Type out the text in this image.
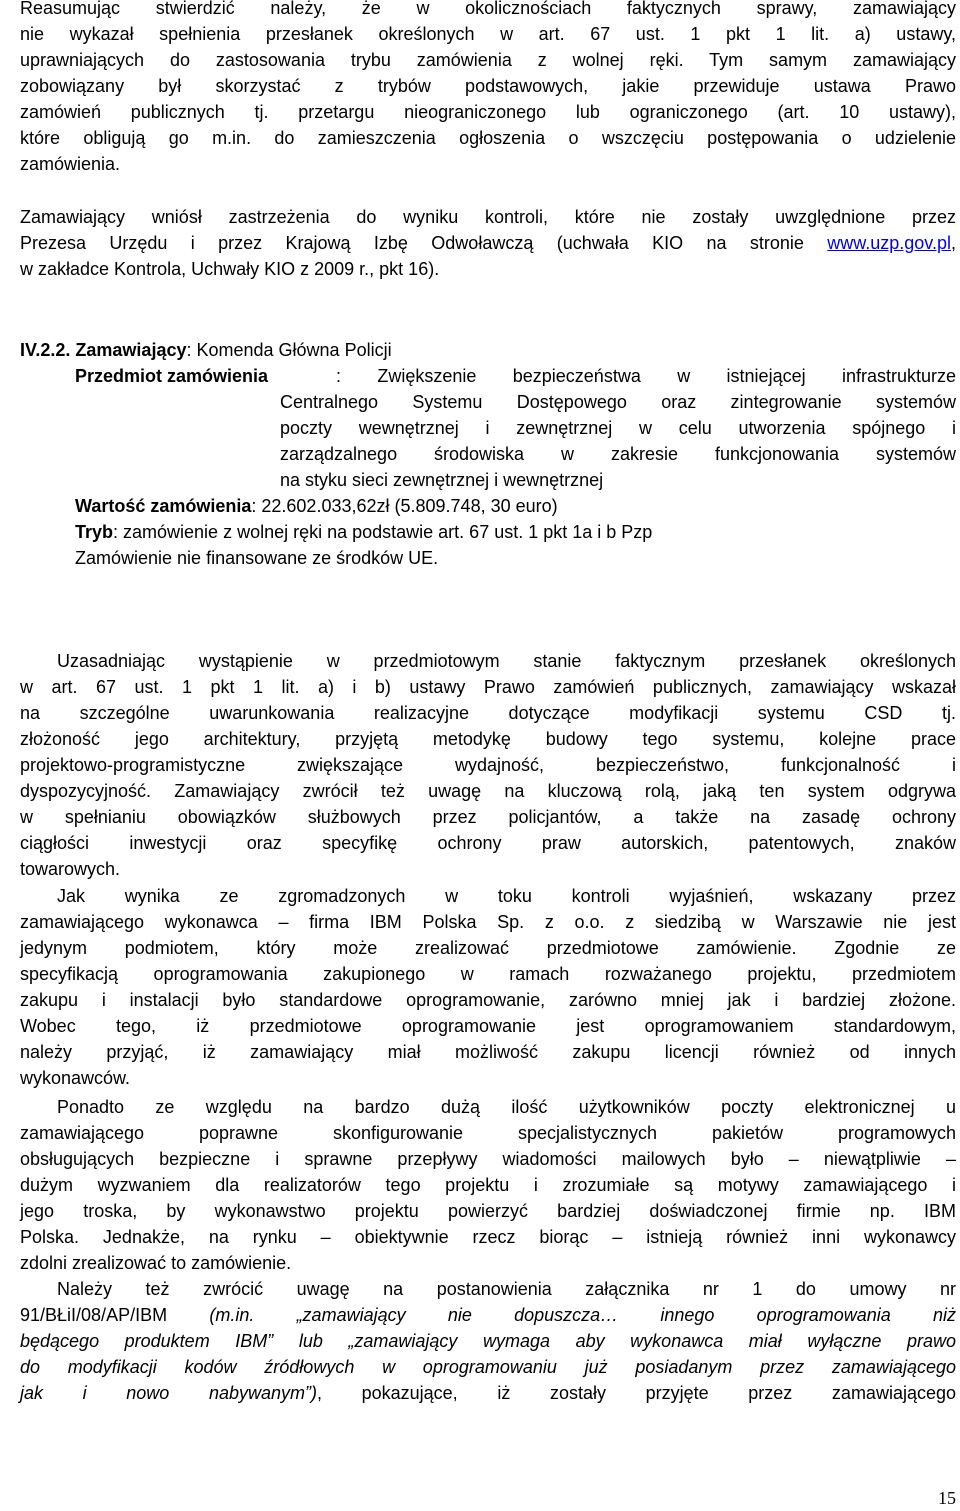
Reasumując stwierdzić należy, że w okolicznościach faktycznych sprawy, zamawiający
nie wykazał spełnienia przesłanek określonych w art. 67 ust. 1 pkt 1 lit. a) ustawy,
uprawniających do zastosowania trybu zamówienia z wolnej ręki. Tym samym zamawiający
zobowiązany był skorzystać z trybów podstawowych, jakie przewiduje ustawa Prawo
zamówień publicznych tj. przetargu nieograniczonego lub ograniczonego (art. 10 ustawy),
które obligują go m.in. do zamieszczenia ogłoszenia o wszczęciu postępowania o udzielenie
zamówienia.

Zamawiający wniósł zastrzeżenia do wyniku kontroli, które nie zostały uwzględnione przez
Prezesa Urzędu i przez Krajową Izbę Odwoławczą (uchwała KIO na stronie www.uzp.gov.pl,
w zakładce Kontrola, Uchwały KIO z 2009 r., pkt 16).

IV.2.2. Zamawiający: Komenda Główna Policji
Przedmiot zamówienia	: Zwiększenie bezpieczeństwa w istniejącej infrastrukturze
Centralnego Systemu Dostępowego oraz zintegrowanie systemów
poczty wewnętrznej i zewnętrznej w celu utworzenia spójnego i
zarządzalnego środowiska w zakresie funkcjonowania systemów
na styku sieci zewnętrznej i wewnętrznej
Wartość zamówienia: 22.602.033,62zł (5.809.748, 30 euro)
Tryb: zamówienie z wolnej ręki na podstawie art. 67 ust. 1 pkt 1a i b Pzp
Zamówienie nie finansowane ze środków UE.

Uzasadniając wystąpienie w przedmiotowym stanie faktycznym przesłanek określonych
w art. 67 ust. 1 pkt 1 lit. a) i b) ustawy Prawo zamówień publicznych, zamawiający wskazał
na szczególne uwarunkowania realizacyjne dotyczące modyfikacji systemu CSD tj.
złożoność jego architektury, przyjętą metodykę budowy tego systemu, kolejne prace
projektowo-programistyczne zwiększające wydajność, bezpieczeństwo, funkcjonalność i
dyspozycyjność. Zamawiający zwrócił też uwagę na kluczową rolą, jaką ten system odgrywa
w spełnianiu obowiązków służbowych przez policjantów, a także na zasadę ochrony
ciągłości inwestycji oraz specyfikę ochrony praw autorskich, patentowych, znaków
towarowych.

Jak wynika ze zgromadzonych w toku kontroli wyjaśnień, wskazany przez
zamawiającego wykonawca – firma IBM Polska Sp. z o.o. z siedzibą w Warszawie nie jest
jedynym podmiotem, który może zrealizować przedmiotowe zamówienie. Zgodnie ze
specyfikacją oprogramowania zakupionego w ramach rozważanego projektu, przedmiotem
zakupu i instalacji było standardowe oprogramowanie, zarówno mniej jak i bardziej złożone.
Wobec tego, iż przedmiotowe oprogramowanie jest oprogramowaniem standardowym,
należy przyjąć, iż zamawiający miał możliwość zakupu licencji również od innych
wykonawców.

Ponadto ze względu na bardzo dużą ilość użytkowników poczty elektronicznej u
zamawiającego poprawne skonfigurowanie specjalistycznych pakietów programowych
obsługujących bezpieczne i sprawne przepływy wiadomości mailowych było – niewątpliwie –
dużym wyzwaniem dla realizatorów tego projektu i zrozumiałe są motywy zamawiającego i
jego troska, by wykonawstwo projektu powierzyć bardziej doświadczonej firmie np. IBM
Polska. Jednakże, na rynku – obiektywnie rzecz biorąc – istnieją również inni wykonawcy
zdolni zrealizować to zamówienie.

Należy też zwrócić uwagę na postanowienia załącznika nr 1 do umowy nr
91/BŁiI/08/AP/IBM (m.in. „zamawiający nie dopuszcza… innego oprogramowania niż
będącego produktem IBM” lub „zamawiający wymaga aby wykonawca miał wyłączne prawo
do modyfikacji kodów źródłowych w oprogramowaniu już posiadanym przez zamawiającego
jak i nowo nabywanym”), pokazujące, iż zostały przyjęte przez zamawiającego

15
